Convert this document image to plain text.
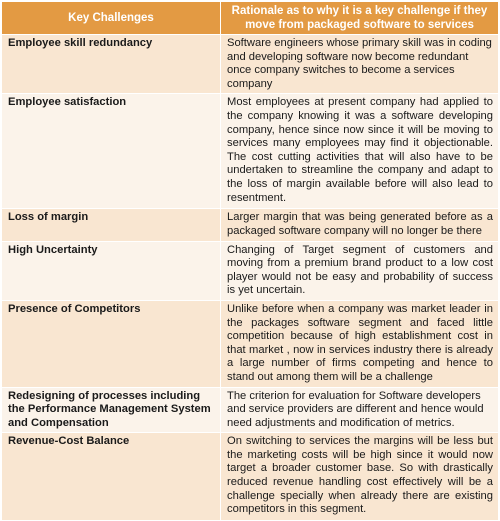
Key Challenges	Rationale as to why it is a key challenge if they move from packaged software to services
Employee skill redundancy	Software engineers whose primary skill was in coding and developing software now become redundant once company switches to become a services company
Employee satisfaction	Most employees at present company had applied to the company knowing it was a software developing company, hence since now since it will be moving to services many employees may find it objectionable. The cost cutting activities that will also have to be undertaken to streamline the company and adapt to the loss of margin available before will also lead to resentment.
Loss of margin	Larger margin that was being generated before as a packaged software company will no longer be there
High Uncertainty	Changing of Target segment of customers and moving from a premium brand product to a low cost player would not be easy and probability of success is yet uncertain.
Presence of Competitors	Unlike before when a company was market leader in the packages software segment and faced little competition because of high establishment cost in that market , now in services industry there is already a large number of firms competing and hence to stand out among them will be a challenge
Redesigning of processes including the Performance Management System and Compensation	The criterion for evaluation for Software developers and service providers are different and hence would need adjustments and modification of metrics.
Revenue-Cost Balance	On switching to services the margins will be less but the marketing costs will be high since it would now target a broader customer base. So with drastically reduced revenue handling cost effectively will be a challenge specially when already there are existing competitors in this segment.
